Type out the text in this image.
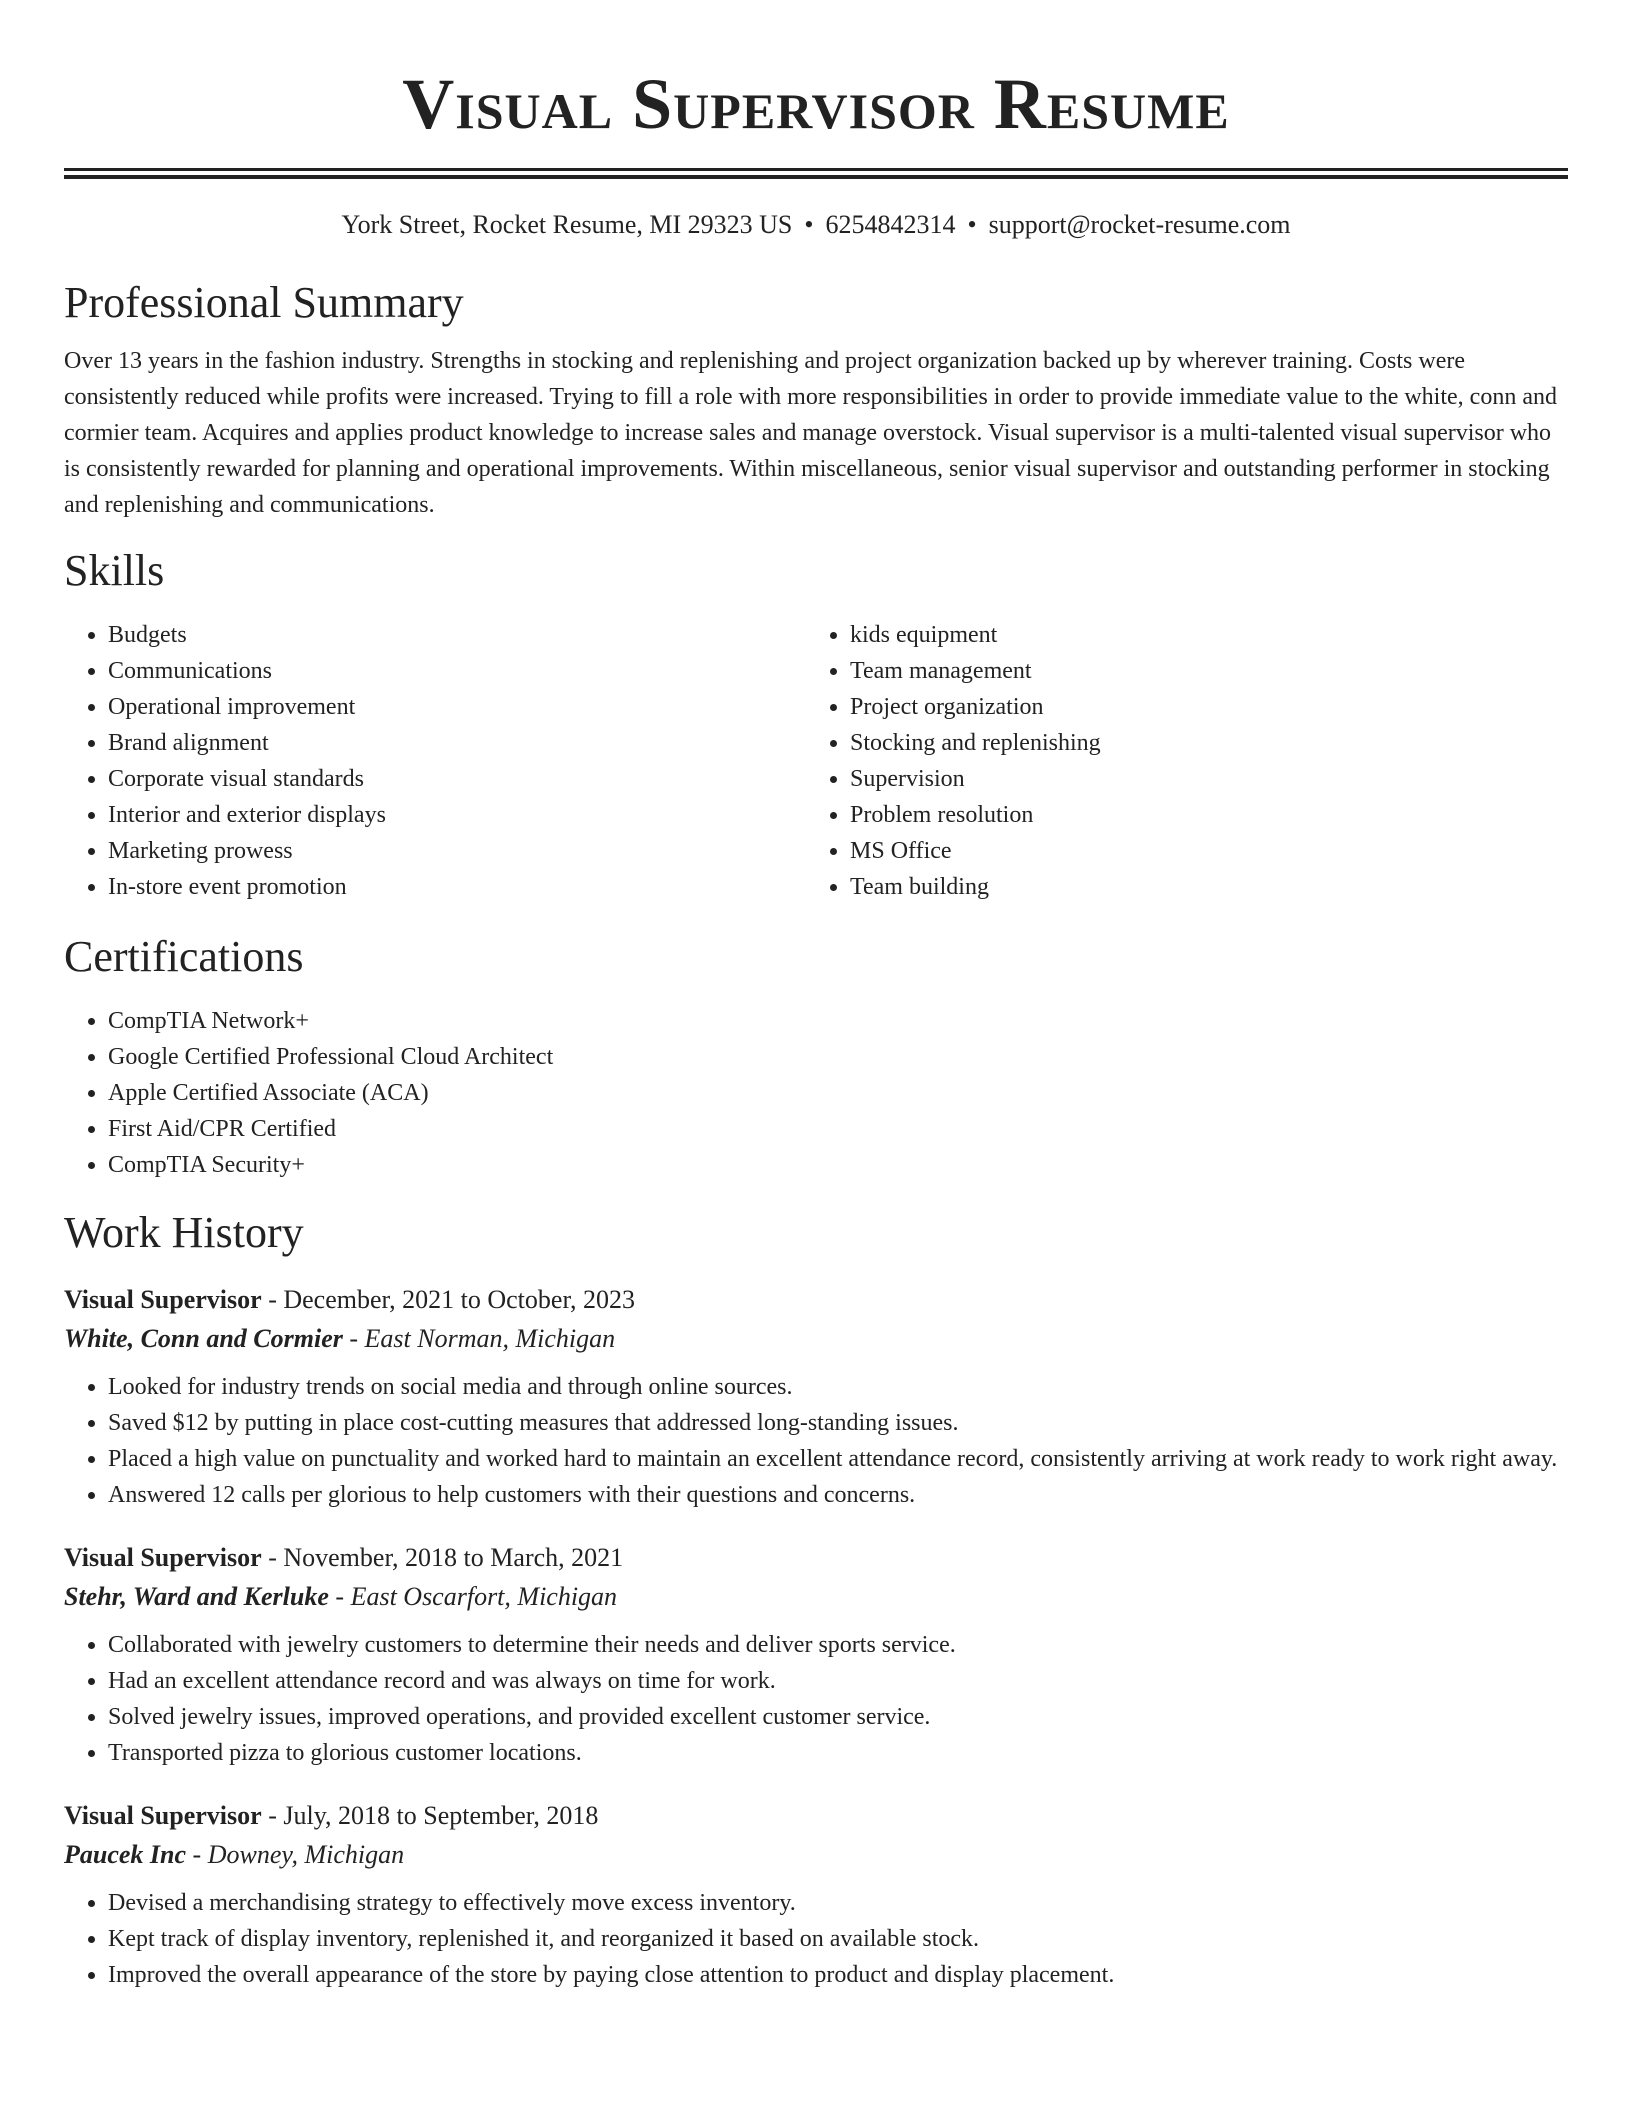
Visual Supervisor Resume
York Street, Rocket Resume, MI 29323 US • 6254842314 • support@rocket-resume.com
Professional Summary

Over 13 years in the fashion industry. Strengths in stocking and replenishing and project organization backed up by wherever training. Costs were consistently reduced while profits were increased. Trying to fill a role with more responsibilities in order to provide immediate value to the white, conn and cormier team. Acquires and applies product knowledge to increase sales and manage overstock. Visual supervisor is a multi-talented visual supervisor who is consistently rewarded for planning and operational improvements. Within miscellaneous, senior visual supervisor and outstanding performer in stocking and replenishing and communications.

Skills
• Budgets
• Communications
• Operational improvement
• Brand alignment
• Corporate visual standards
• Interior and exterior displays
• Marketing prowess
• In-store event promotion
• kids equipment
• Team management
• Project organization
• Stocking and replenishing
• Supervision
• Problem resolution
• MS Office
• Team building
Certifications
• CompTIA Network+
• Google Certified Professional Cloud Architect
• Apple Certified Associate (ACA)
• First Aid/CPR Certified
• CompTIA Security+
Work History
Visual Supervisor - December, 2021 to October, 2023
White, Conn and Cormier - East Norman, Michigan
• Looked for industry trends on social media and through online sources.
• Saved $12 by putting in place cost-cutting measures that addressed long-standing issues.
• Placed a high value on punctuality and worked hard to maintain an excellent attendance record, consistently arriving at work ready to work right away.
• Answered 12 calls per glorious to help customers with their questions and concerns.
Visual Supervisor - November, 2018 to March, 2021
Stehr, Ward and Kerluke - East Oscarfort, Michigan
• Collaborated with jewelry customers to determine their needs and deliver sports service.
• Had an excellent attendance record and was always on time for work.
• Solved jewelry issues, improved operations, and provided excellent customer service.
• Transported pizza to glorious customer locations.
Visual Supervisor - July, 2018 to September, 2018
Paucek Inc - Downey, Michigan
• Devised a merchandising strategy to effectively move excess inventory.
• Kept track of display inventory, replenished it, and reorganized it based on available stock.
• Improved the overall appearance of the store by paying close attention to product and display placement.
